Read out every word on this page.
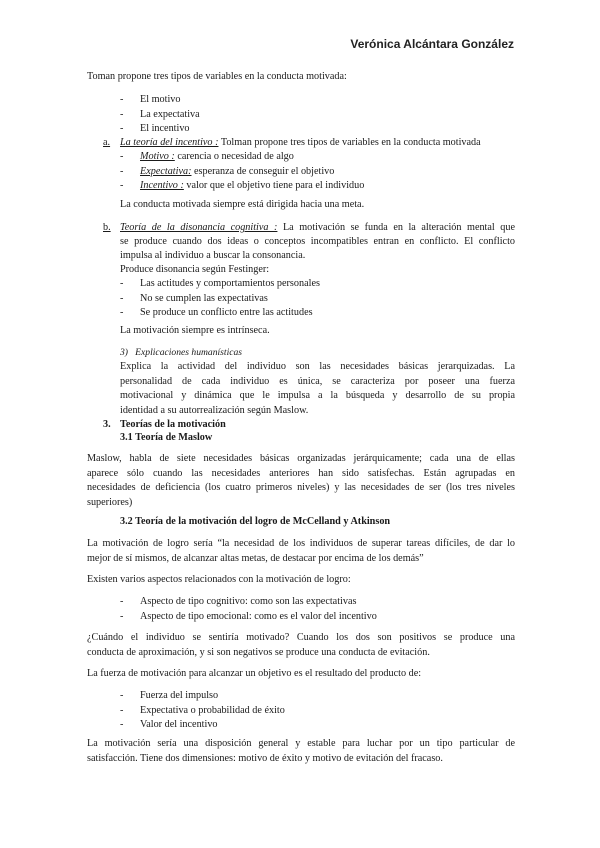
Verónica Alcántara González

Toman propone tres tipos de variables en la conducta motivada:

- El motivo
- La expectativa
- El incentivo
a. La teoría del incentivo : Tolman propone tres tipos de variables en la conducta motivada
- Motivo : carencia o necesidad de algo
- Expectativa: esperanza de conseguir el objetivo
- Incentivo : valor que el objetivo tiene para el individuo

La conducta motivada siempre está dirigida hacia una meta.

b. Teoría de la disonancia cognitiva : La motivación se funda en la alteración mental que

se produce cuando dos ideas o conceptos incompatibles entran en conflicto. El conflicto

impulsa al individuo a buscar la consonancia.

Produce disonancia según Festinger:

- Las actitudes y comportamientos personales
- No se cumplen las expectativas
- Se produce un conflicto entre las actitudes

La motivación siempre es intrínseca.

3)   Explicaciones humanísticas

Explica la actividad del individuo son las necesidades básicas jerarquizadas. La

personalidad de cada individuo es única, se caracteriza por poseer una fuerza

motivacional y dinámica que le impulsa a la búsqueda y desarrollo de su propia

identidad a su autorrealización según Maslow.

3. Teorías de la motivación

3.1 Teoría de Maslow

Maslow, habla de siete necesidades básicas organizadas jerárquicamente; cada una de ellas

aparece sólo cuando las necesidades anteriores han sido satisfechas. Están agrupadas en

necesidades de deficiencia (los cuatro primeros niveles) y las necesidades de ser (los tres niveles

superiores)

3.2 Teoría de la motivación del logro de McCelland y Atkinson

La motivación de logro sería “la necesidad de los individuos de superar tareas difíciles, de dar lo

mejor de sí mismos, de alcanzar altas metas, de destacar por encima de los demás”

Existen varios aspectos relacionados con la motivación de logro:

- Aspecto de tipo cognitivo: como son las expectativas
- Aspecto de tipo emocional: como es el valor del incentivo

¿Cuándo el individuo se sentiría motivado? Cuando los dos son positivos se produce una

conducta de aproximación, y si son negativos se produce una conducta de evitación.

La fuerza de motivación para alcanzar un objetivo es el resultado del producto de:

- Fuerza del impulso
- Expectativa o probabilidad de éxito
- Valor del incentivo

La motivación sería una disposición general y estable para luchar por un tipo particular de

satisfacción. Tiene dos dimensiones: motivo de éxito y motivo de evitación del fracaso.
